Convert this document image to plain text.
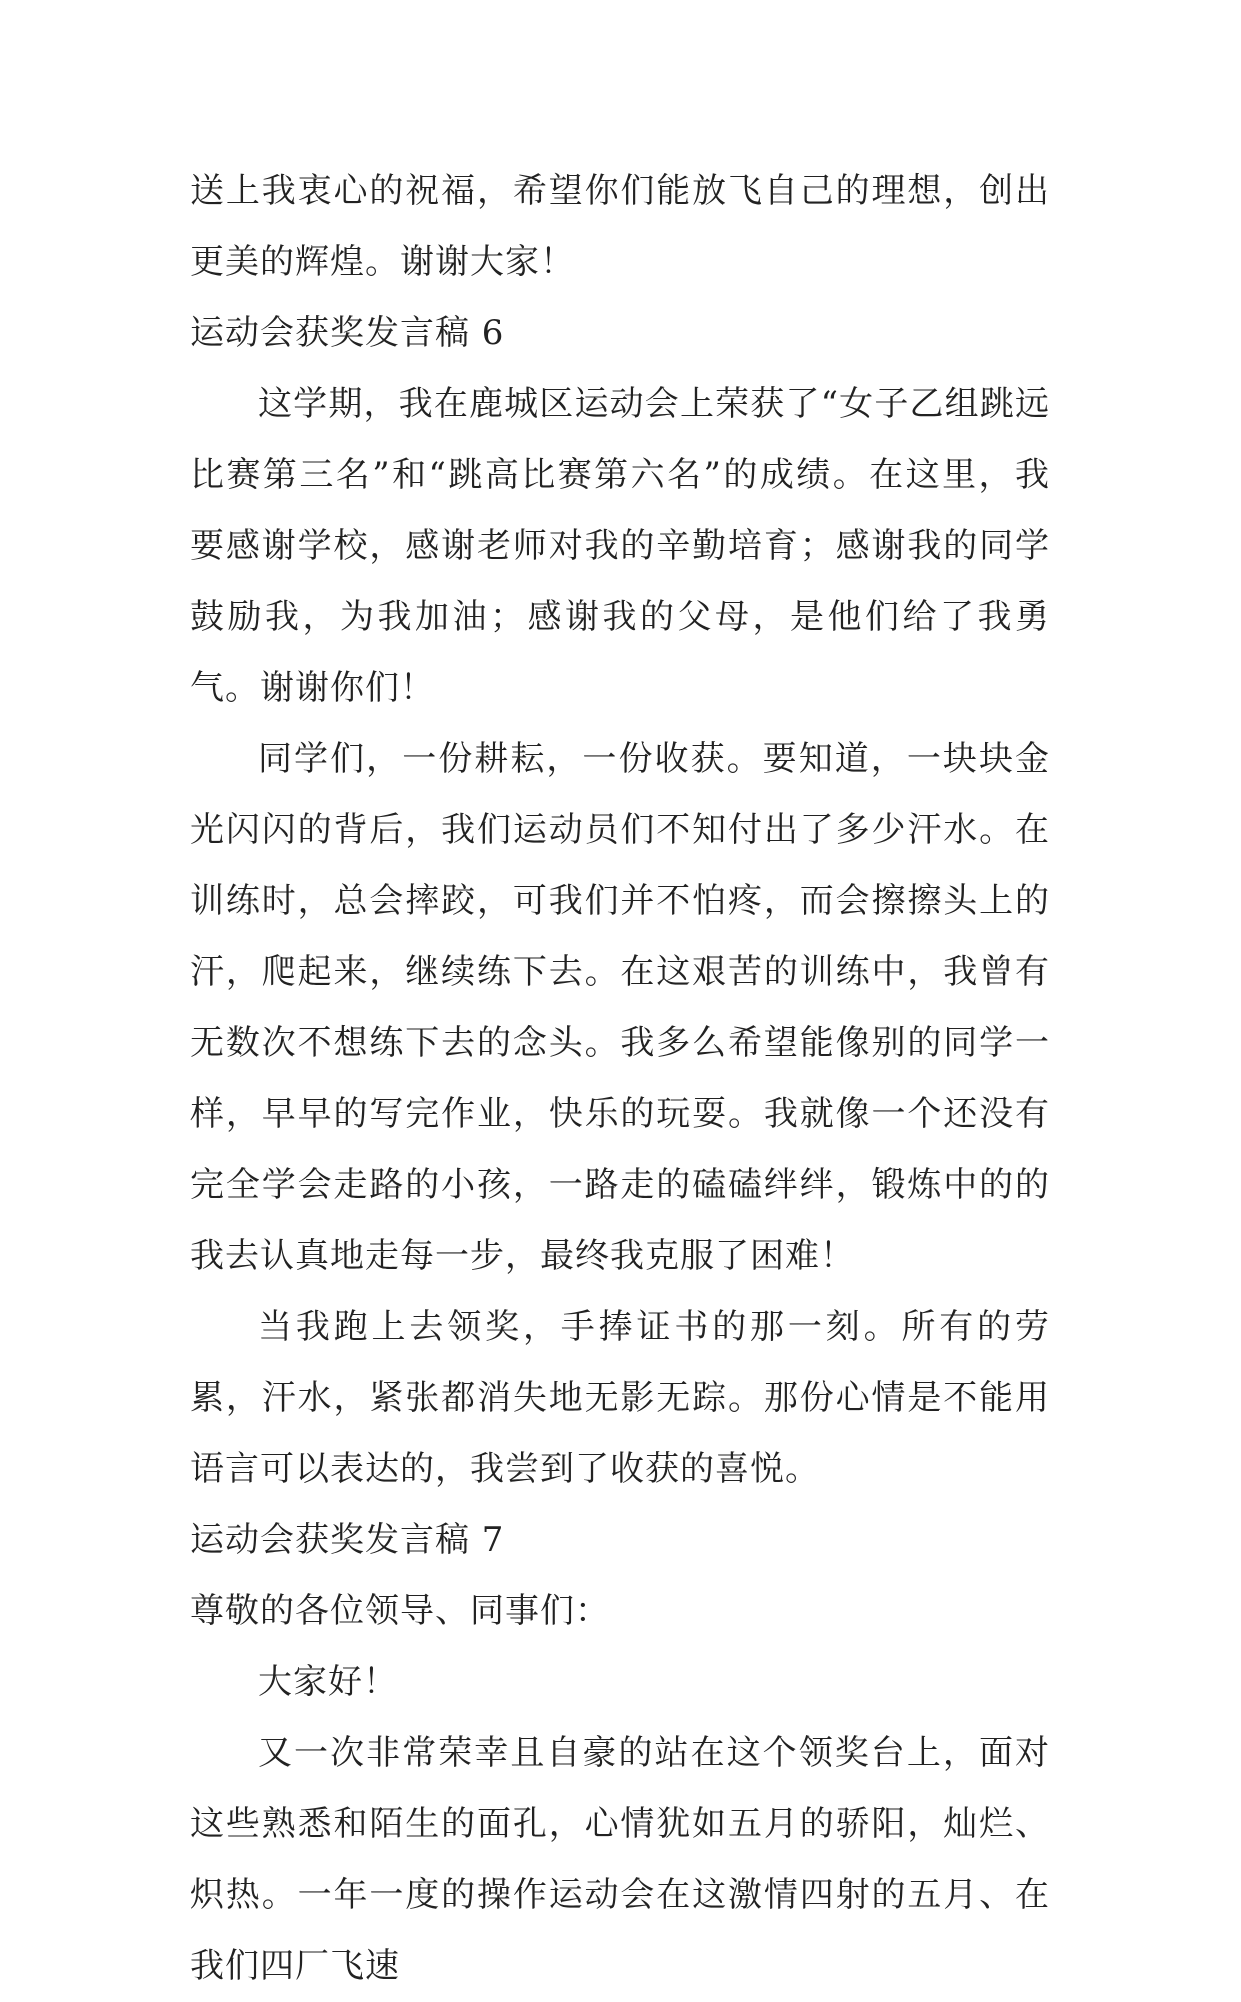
送上我衷心的祝福，希望你们能放飞自己的理想，创出更美的辉煌。谢谢大家！

运动会获奖发言稿 6

这学期，我在鹿城区运动会上荣获了“女子乙组跳远比赛第三名”和“跳高比赛第六名”的成绩。在这里，我要感谢学校，感谢老师对我的辛勤培育；感谢我的同学鼓励我，为我加油；感谢我的父母，是他们给了我勇气。谢谢你们！

同学们，一份耕耘，一份收获。要知道，一块块金光闪闪的背后，我们运动员们不知付出了多少汗水。在训练时，总会摔跤，可我们并不怕疼，而会擦擦头上的汗，爬起来，继续练下去。在这艰苦的训练中，我曾有无数次不想练下去的念头。我多么希望能像别的同学一样，早早的写完作业，快乐的玩耍。我就像一个还没有完全学会走路的小孩，一路走的磕磕绊绊，锻炼中的的我去认真地走每一步，最终我克服了困难！

当我跑上去领奖，手捧证书的那一刻。所有的劳累，汗水，紧张都消失地无影无踪。那份心情是不能用语言可以表达的，我尝到了收获的喜悦。

运动会获奖发言稿 7

尊敬的各位领导、同事们：

大家好！

又一次非常荣幸且自豪的站在这个领奖台上，面对这些熟悉和陌生的面孔，心情犹如五月的骄阳，灿烂、炽热。一年一度的操作运动会在这激情四射的五月、在我们四厂飞速
